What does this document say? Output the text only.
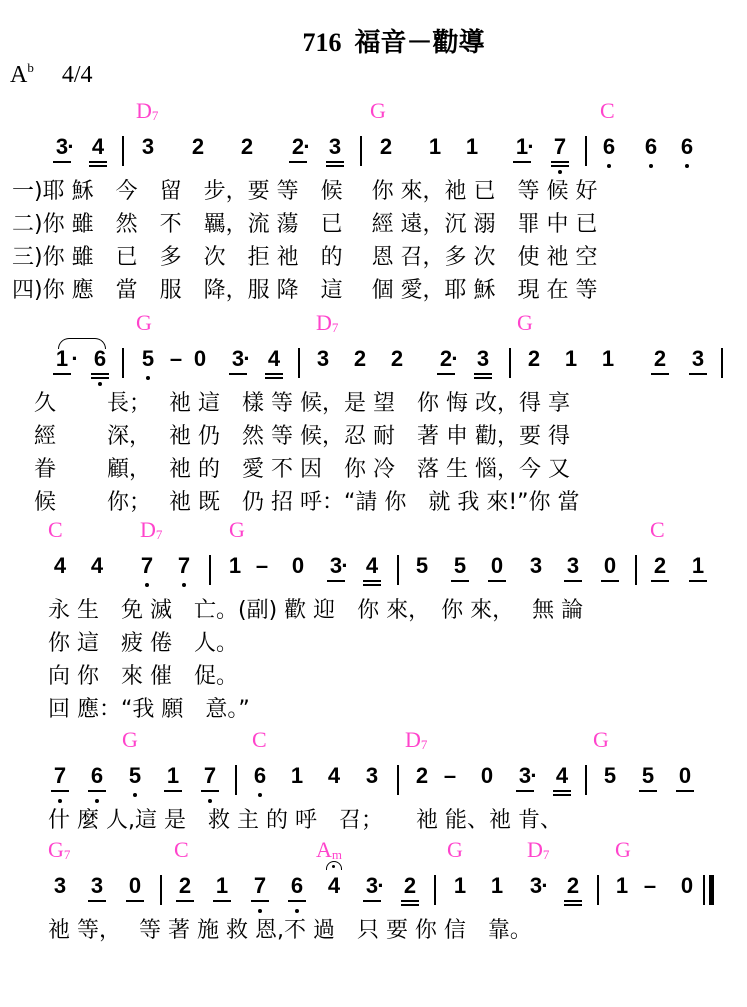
716 福音－勸導
$A^b$ 4/4
$D_7$	G	C
3 · 4 3 2 2 2 · 3 2 1 1 1 · 7 6 6 6
一)耶 穌　今　留　步，要 等　候　 你 來，祂 已　等 候 好
二)你 雖　然　不　羈，流 蕩　已　 經 遠，沉 溺　罪 中 已
三)你 雖　已　多　次　拒 祂　的　 恩 召，多 次　使 祂 空
四)你 應　當　服　降，服 降　這　 個 愛，耶 穌　現 在 等
G	$D_7$	G
1 · 6 5 – 0 3 · 4 3 2 2 2 · 3 2 1 1 2 3
　久　　 長；　 祂 這　樣 等 候，是 望　你 悔 改，得 享
　經　　 深，　 祂 仍　然 等 候，忍 耐　著 申 勸，要 得
　眷　　 顧，　 祂 的　愛 不 因　你 冷　落 生 惱，今 又
　候　　 你；　 祂 既　仍 招 呼：“請 你　就 我 來!”你 當
C	$D_7$	G	C
4 4 7 7 1 – 0 3 · 4 5 5 0 3 3 0 2 1
永 生　免 滅　亡。(副) 歡 迎　你 來，　你 來，　 無 論
你 這　疲 倦　人。
向 你　來 催　促。
回 應：“我 願　意。”
G	C	$D_7$	G
7 6 5 1 7 6 1 4 3 2 – 0 3 · 4 5 5 0
什 麼 人,這 是　救 主 的 呼　召；　　祂 能、祂 肯、
$G_7$	C	$A_m$	G	$D_7$	G
3 3 0 2 1 7 6 4 3 · 2 1 1 3 · 2 1 – 0
祂 等，　 等 著 施 救 恩,不 過　只 要 你 信　靠。
